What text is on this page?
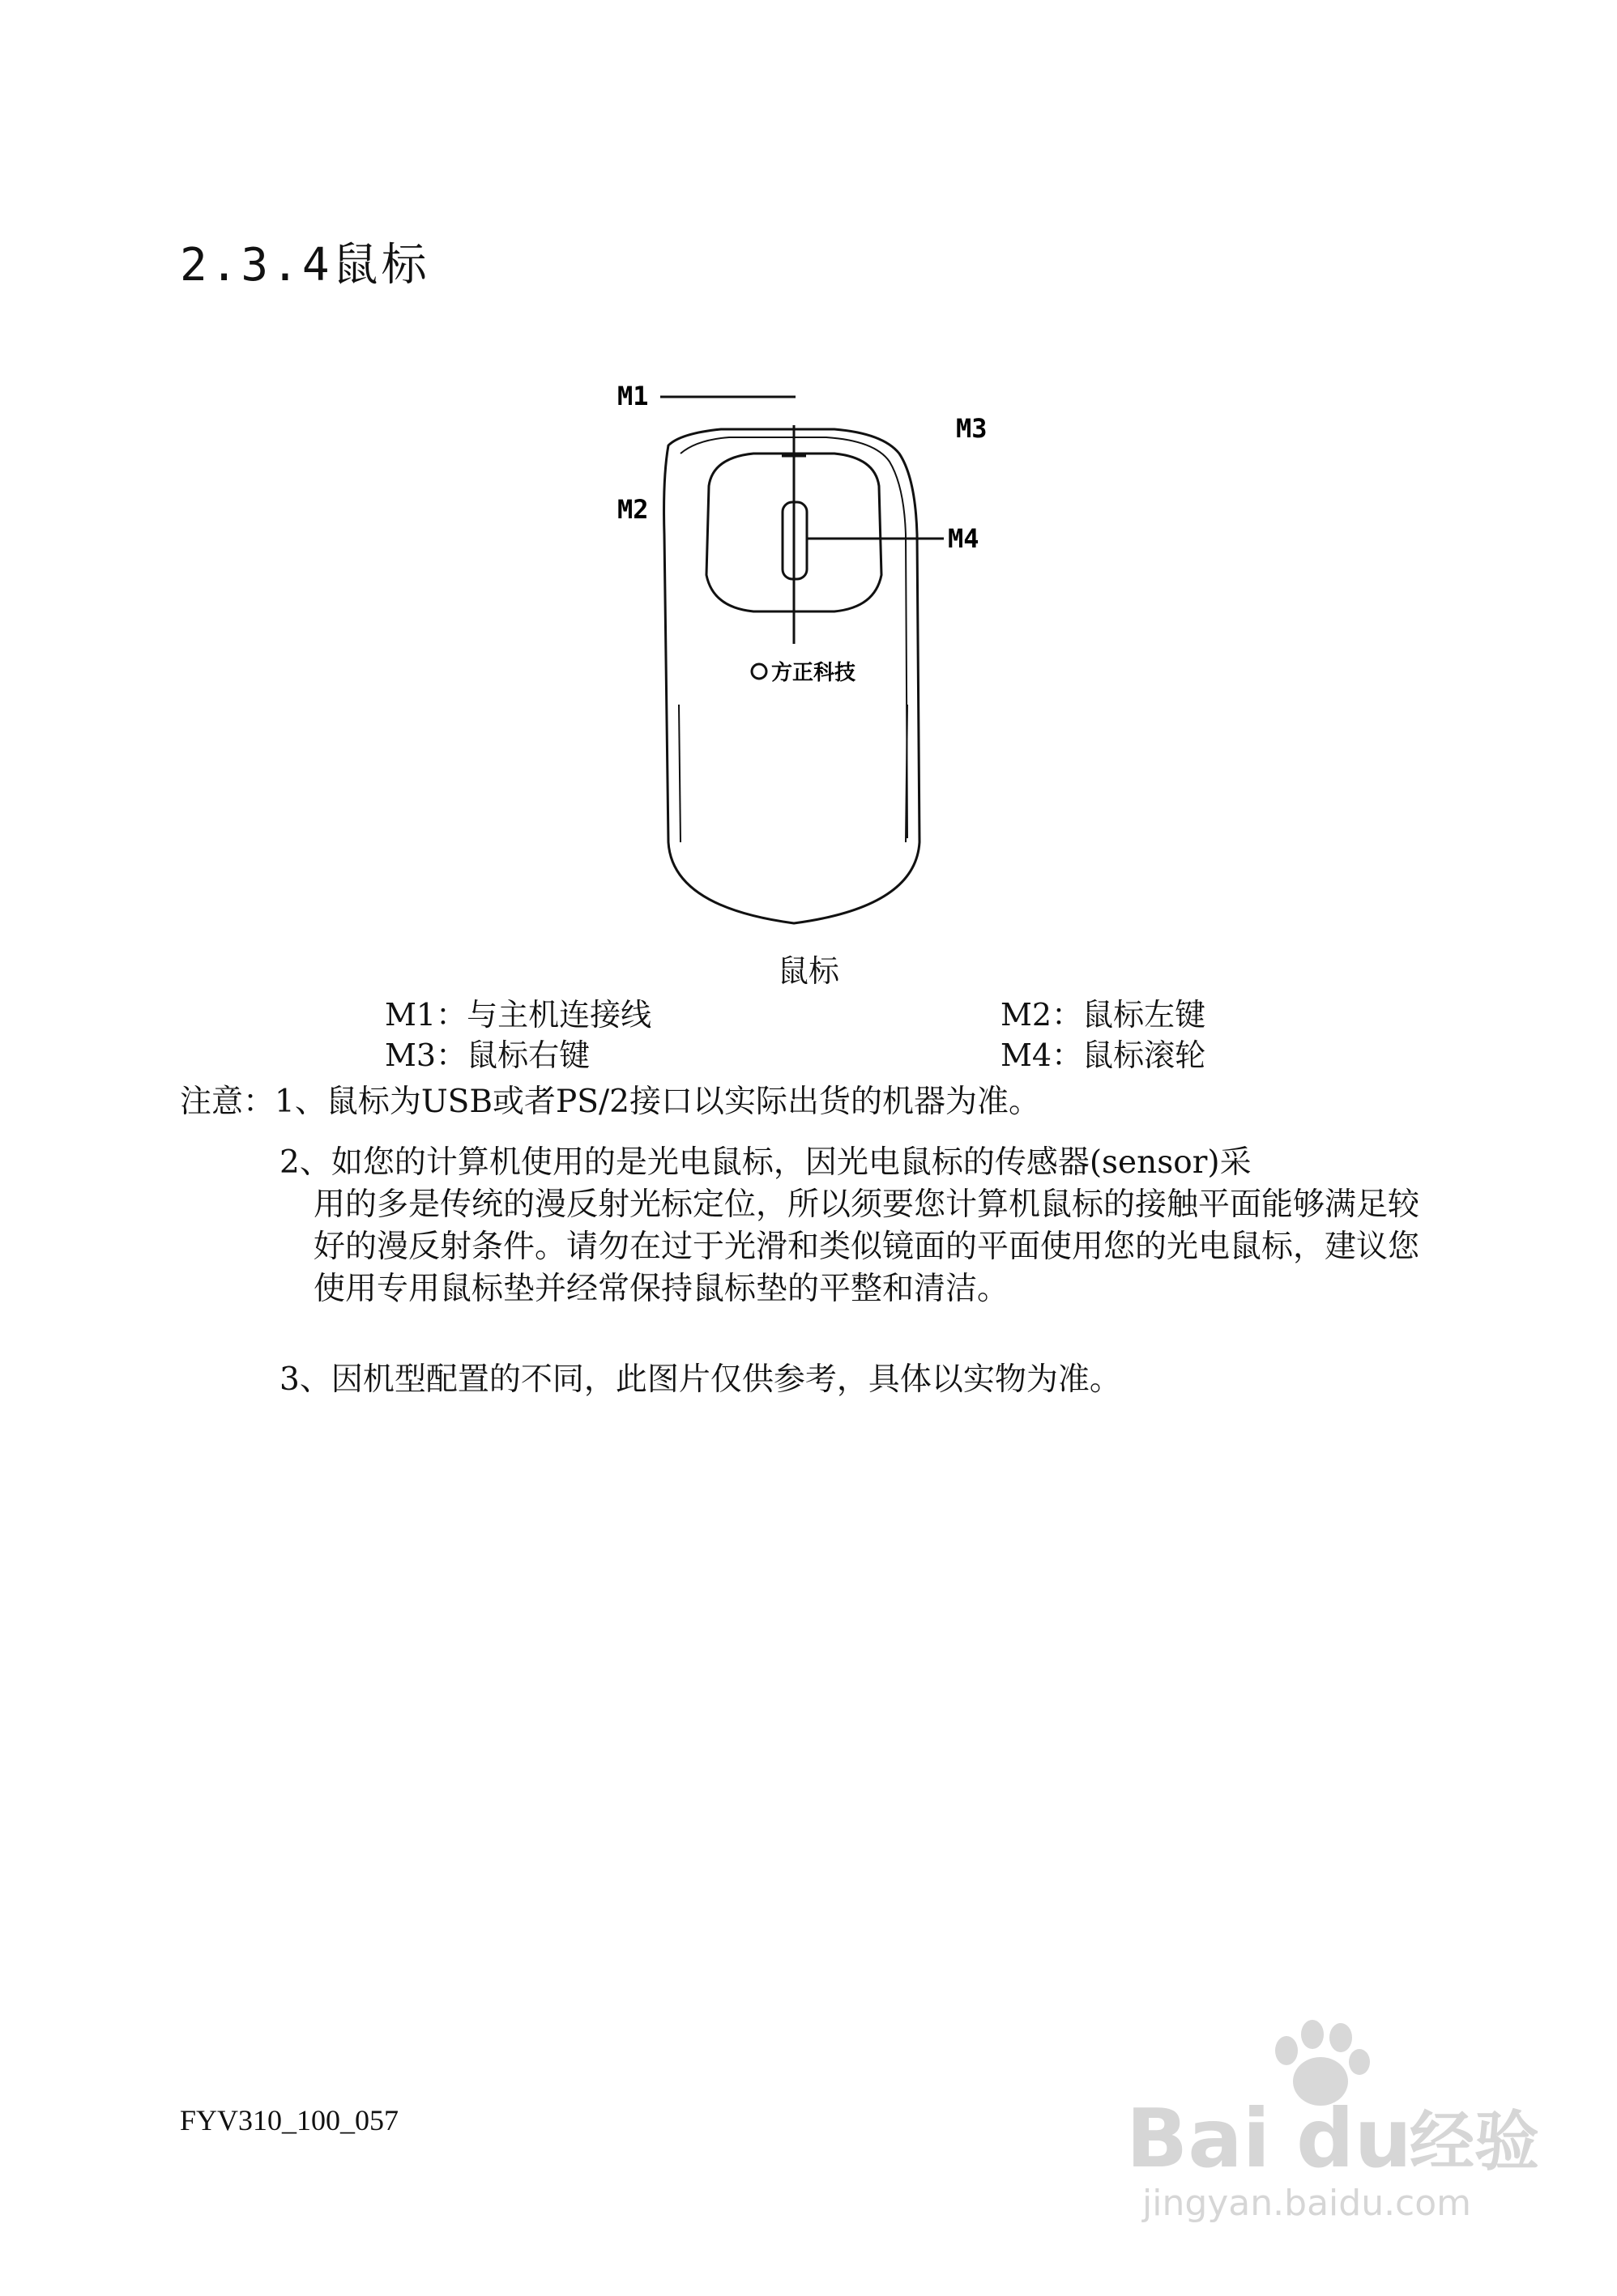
2.3.4鼠标
M1
M3
M2
M4
方正科技
鼠标
M1：与主机连接线	M2：鼠标左键
M3：鼠标右键	M4：鼠标滚轮
注意：1、鼠标为USB或者PS/2接口以实际出货的机器为准。
2、如您的计算机使用的是光电鼠标，因光电鼠标的传感器(sensor)采
用的多是传统的漫反射光标定位，所以须要您计算机鼠标的接触平面能够满足较好的漫反射条件。请勿在过于光滑和类似镜面的平面使用您的光电鼠标，建议您使用专用鼠标垫并经常保持鼠标垫的平整和清洁。
3、因机型配置的不同，此图片仅供参考，具体以实物为准。
FYV310_100_057	Bai du
经验
jingyan.baidu.com
